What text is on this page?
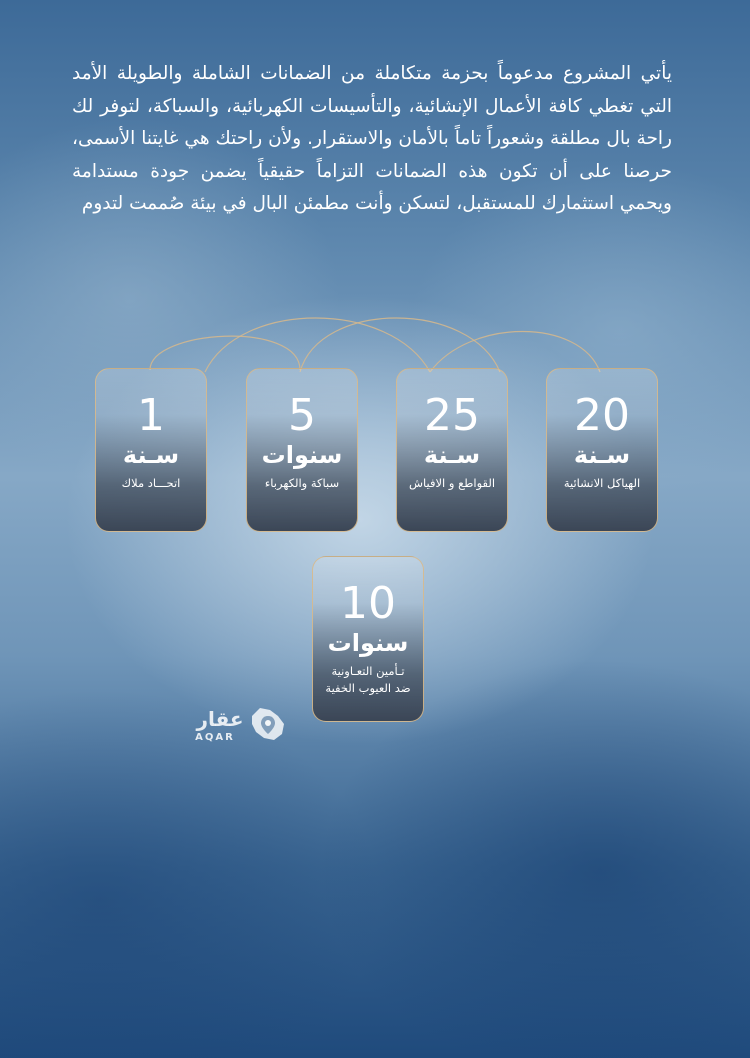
يأتي المشروع مدعوماً بحزمة متكاملة من الضمانات الشاملة والطويلة الأمد التي تغطي كافة الأعمال الإنشائية، والتأسيسات الكهربائية، والسباكة، لتوفر لك راحة بال مطلقة وشعوراً تاماً بالأمان والاستقرار. ولأن راحتك هي غايتنا الأسمى، حرصنا على أن تكون هذه الضمانات التزاماً حقيقياً يضمن جودة مستدامة ويحمي استثمارك للمستقبل، لتسكن وأنت مطمئن البال في بيئة صُممت لتدوم
1
سـنة
اتحـــاد ملاك
5
سنوات
سباكة والكهرباء
25
سـنة
القواطع و الافياش
20
سـنة
الهياكل الانشائية
10
سنوات
تـأمين التعـاونية
ضد العيوب الخفية
عقار
AQAR
